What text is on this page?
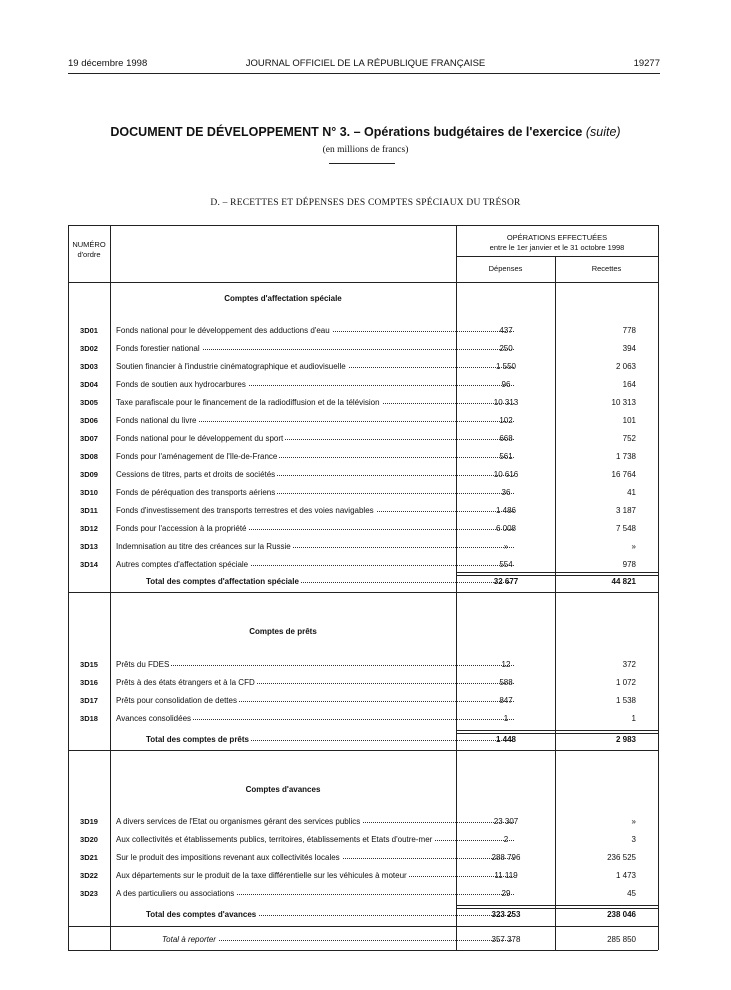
19 décembre 1998	JOURNAL OFFICIEL DE LA RÉPUBLIQUE FRANÇAISE	19277
DOCUMENT DE DÉVELOPPEMENT N° 3. – Opérations budgétaires de l'exercice (suite)
(en millions de francs)
D. – RECETTES ET DÉPENSES DES COMPTES SPÉCIAUX DU TRÉSOR
NUMÉRO
d'ordre
OPÉRATIONS EFFECTUÉES
entre le 1er janvier et le 31 octobre 1998
Dépenses	Recettes
Comptes d'affectation spéciale
3D01	Fonds national pour le développement des adductions d'eau	437	778
3D02	Fonds forestier national	250	394
3D03	Soutien financier à l'industrie cinématographique et audiovisuelle	1 550	2 063
3D04	Fonds de soutien aux hydrocarbures	96	164
3D05	Taxe parafiscale pour le financement de la radiodiffusion et de la télévision	10 313	10 313
3D06	Fonds national du livre	102	101
3D07	Fonds national pour le développement du sport	668	752
3D08	Fonds pour l'aménagement de l'Ile-de-France	561	1 738
3D09	Cessions de titres, parts et droits de sociétés	10 616	16 764
3D10	Fonds de péréquation des transports aériens	36	41
3D11	Fonds d'investissement des transports terrestres et des voies navigables	1 486	3 187
3D12	Fonds pour l'accession à la propriété	6 008	7 548
3D13	Indemnisation au titre des créances sur la Russie	»	»
3D14	Autres comptes d'affectation spéciale	554	978
Total des comptes d'affectation spéciale	32 677	44 821
Comptes de prêts
3D15	Prêts du FDES	12	372
3D16	Prêts à des états étrangers et à la CFD	588	1 072
3D17	Prêts pour consolidation de dettes	847	1 538
3D18	Avances consolidées	1	1
Total des comptes de prêts	1 448	2 983
Comptes d'avances
3D19	A divers services de l'Etat ou organismes gérant des services publics	23 307	»
3D20	Aux collectivités et établissements publics, territoires, établissements et Etats d'outre-mer	2	3
3D21	Sur le produit des impositions revenant aux collectivités locales	288 796	236 525
3D22	Aux départements sur le produit de la taxe différentielle sur les véhicules à moteur	11 119	1 473
3D23	A des particuliers ou associations	29	45
Total des comptes d'avances	323 253	238 046
Total à reporter	357 378	285 850
